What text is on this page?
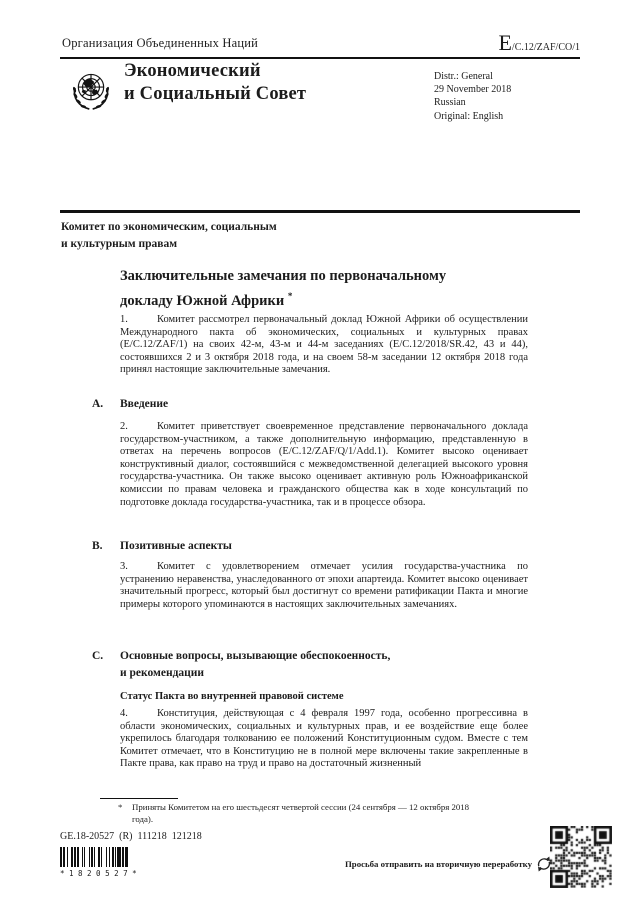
Организация Объединенных Наций	E/C.12/ZAF/CO/1
Экономический
и Социальный Совет
Distr.: General
29 November 2018
Russian
Original: English
Комитет по экономическим, социальным
и культурным правам
Заключительные замечания по первоначальному
докладу Южной Африки *
1.	Комитет рассмотрел первоначальный доклад Южной Африки об осуществлении Международного пакта об экономических, социальных и культурных правах (E/C.12/ZAF/1) на своих 42-м, 43-м и 44-м заседаниях (E/C.12/2018/SR.42, 43 и 44), состоявшихся 2 и 3 октября 2018 года, и на своем 58-м заседании 12 октября 2018 года принял настоящие заключительные замечания.
A. Введение
2.	Комитет приветствует своевременное представление первоначального доклада государством-участником, а также дополнительную информацию, представленную в ответах на перечень вопросов (E/C.12/ZAF/Q/1/Add.1). Комитет высоко оценивает конструктивный диалог, состоявшийся с межведомственной делегацией высокого уровня государства-участника. Он также высоко оценивает активную роль Южноафриканской комиссии по правам человека и гражданского общества как в ходе консультаций по подготовке доклада государства-участника, так и в процессе обзора.
B. Позитивные аспекты
3.	Комитет с удовлетворением отмечает усилия государства-участника по устранению неравенства, унаследованного от эпохи апартеида. Комитет высоко оценивает значительный прогресс, который был достигнут со времени ратификации Пакта и многие примеры которого упоминаются в настоящих заключительных замечаниях.
C. Основные вопросы, вызывающие обеспокоенность,
и рекомендации
Статус Пакта во внутренней правовой системе
4.	Конституция, действующая с 4 февраля 1997 года, особенно прогрессивна в области экономических, социальных и культурных прав, и ее воздействие еще более укрепилось благодаря толкованию ее положений Конституционным судом. Вместе с тем Комитет отмечает, что в Конституцию не в полной мере включены такие закрепленные в Пакте права, как право на труд и право на достаточный жизненный
* Приняты Комитетом на его шестьдесят четвертой сессии (24 сентября — 12 октября 2018 года).
GE.18-20527  (R)  111218  121218
*1820527*
Просьба отправить на вторичную переработку
